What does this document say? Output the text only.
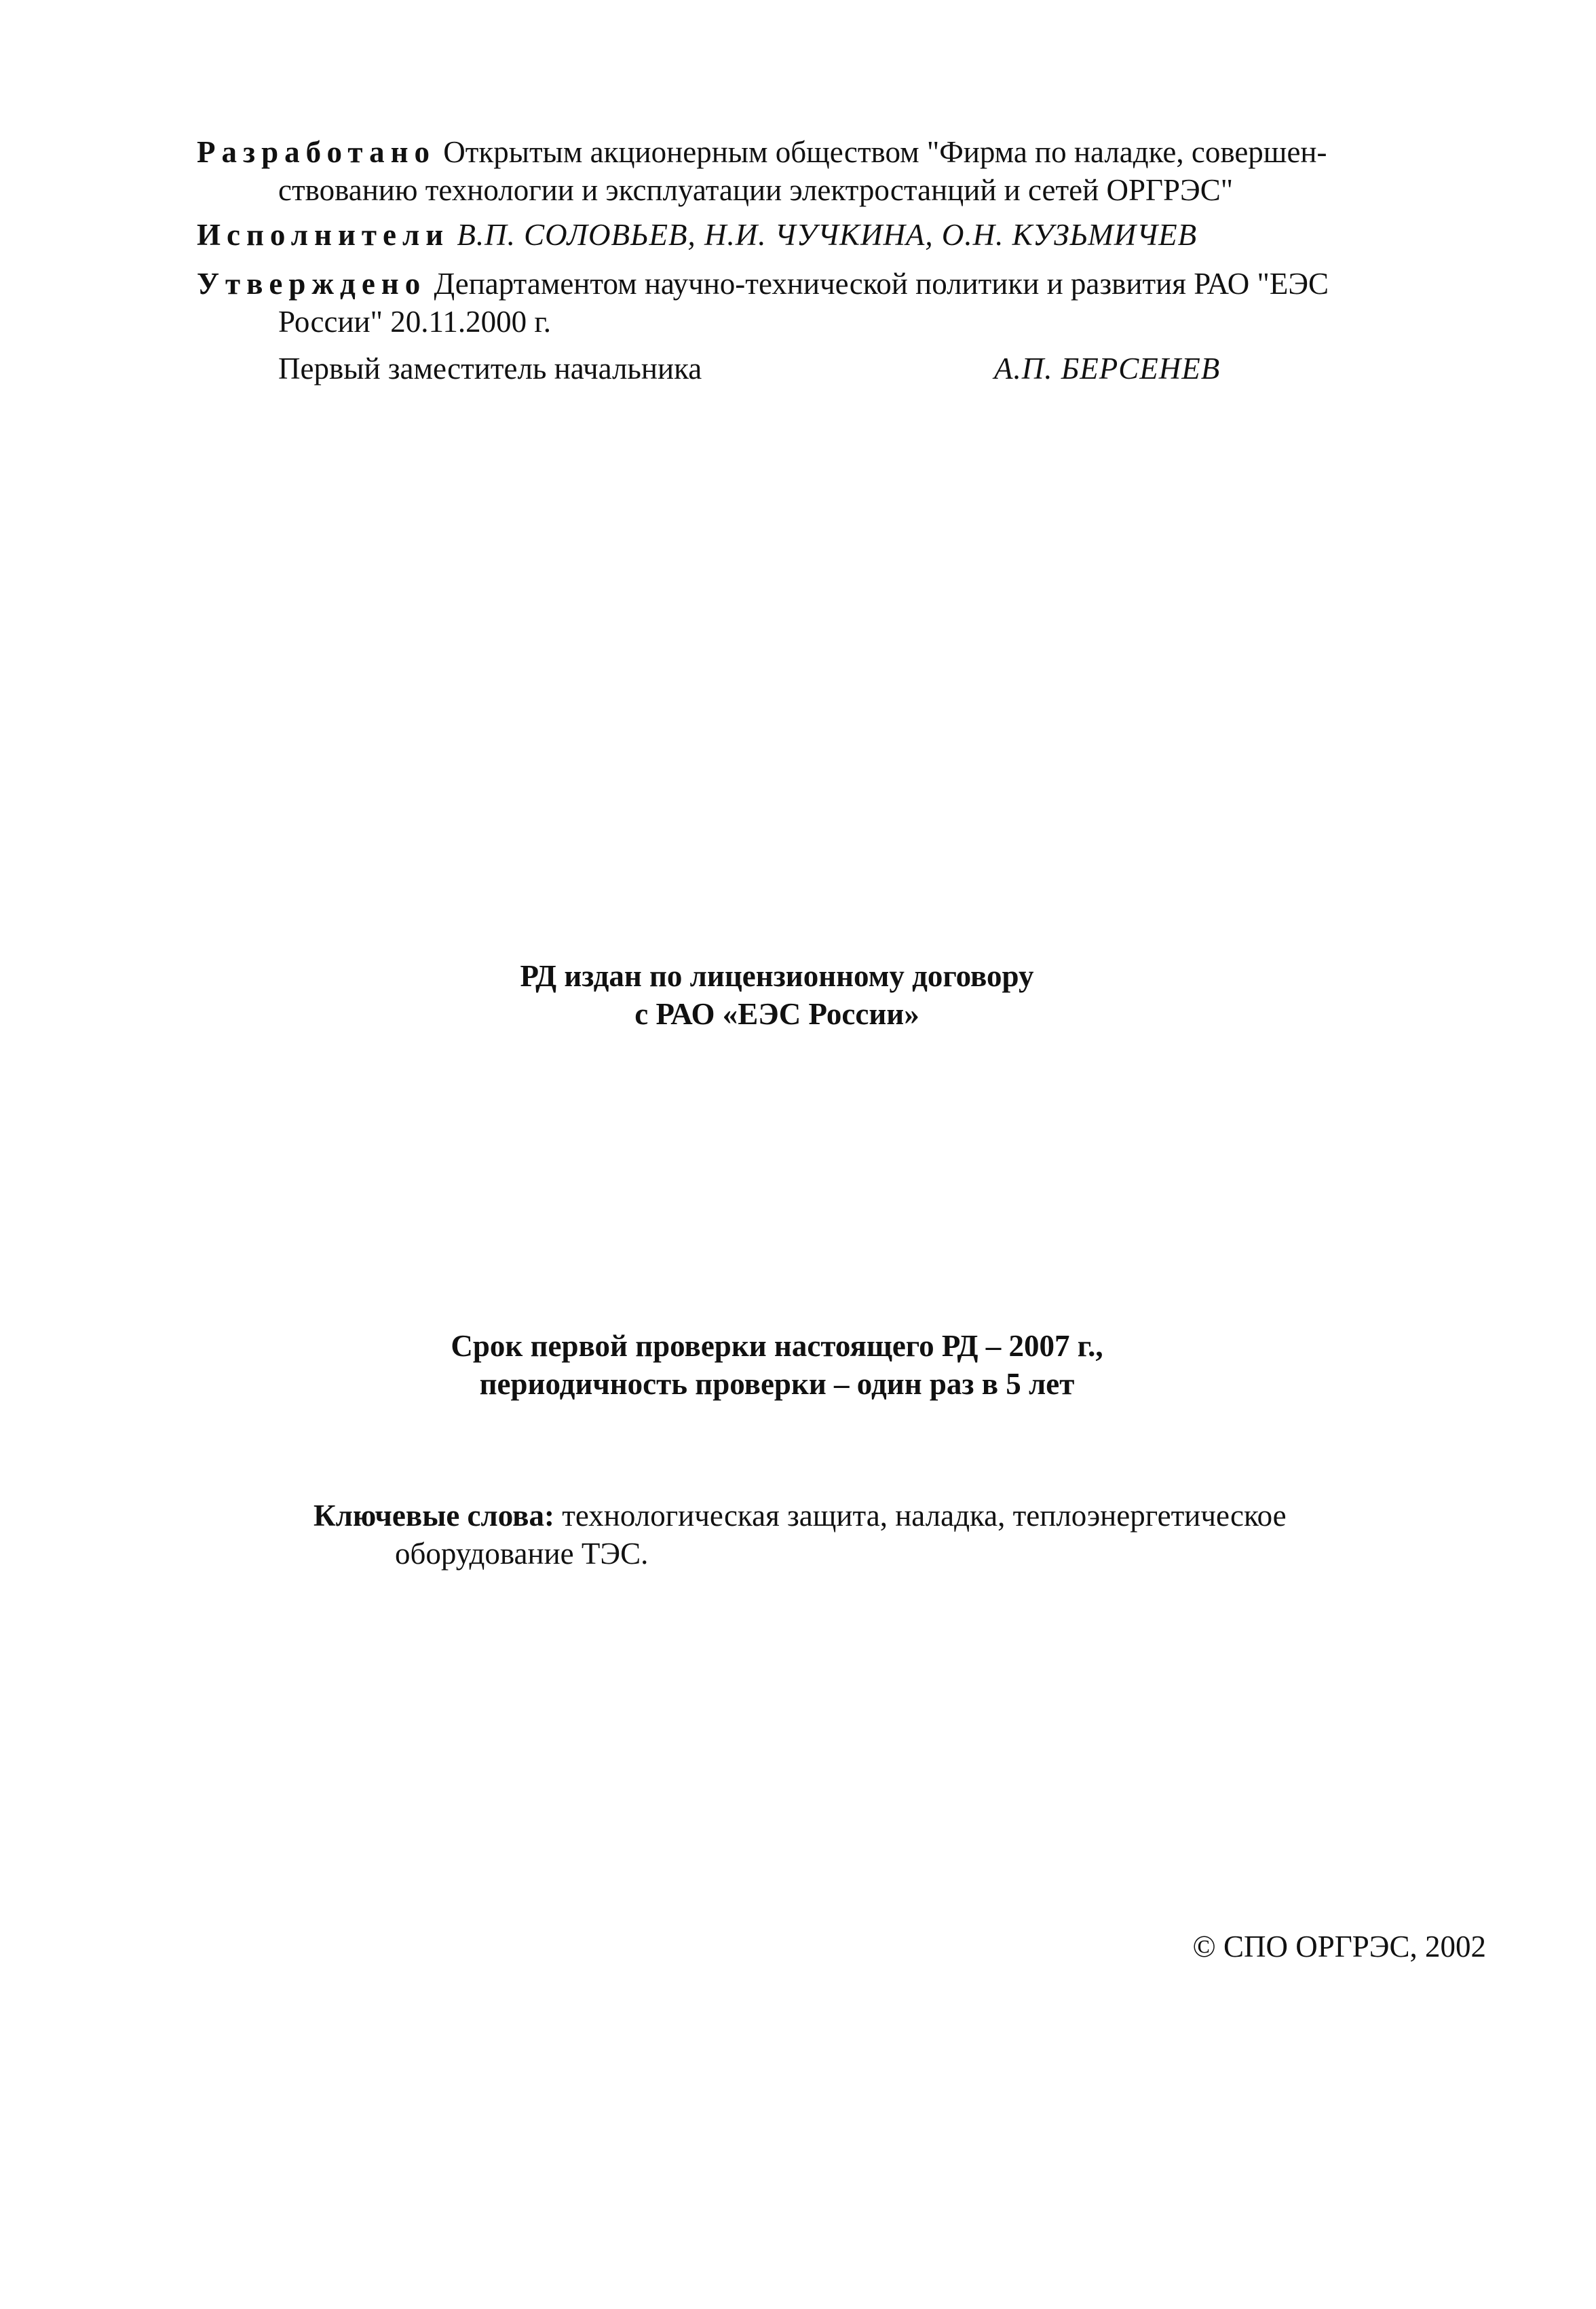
Разработано Открытым акционерным обществом "Фирма по наладке, совершен-
ствованию технологии и эксплуатации электростанций и сетей ОРГРЭС"
Исполнители В.П. СОЛОВЬЕВ, Н.И. ЧУЧКИНА, О.Н. КУЗЬМИЧЕВ
Утверждено Департаментом научно-технической политики и развития РАО "ЕЭС
России" 20.11.2000 г.
Первый заместитель начальника	А.П. БЕРСЕНЕВ
РД издан по лицензионному договору
с РАО «ЕЭС России»
Срок первой проверки настоящего РД – 2007 г.,
периодичность проверки – один раз в 5 лет
Ключевые слова: технологическая защита, наладка, теплоэнергетическое
оборудование ТЭС.
© СПО ОРГРЭС, 2002
